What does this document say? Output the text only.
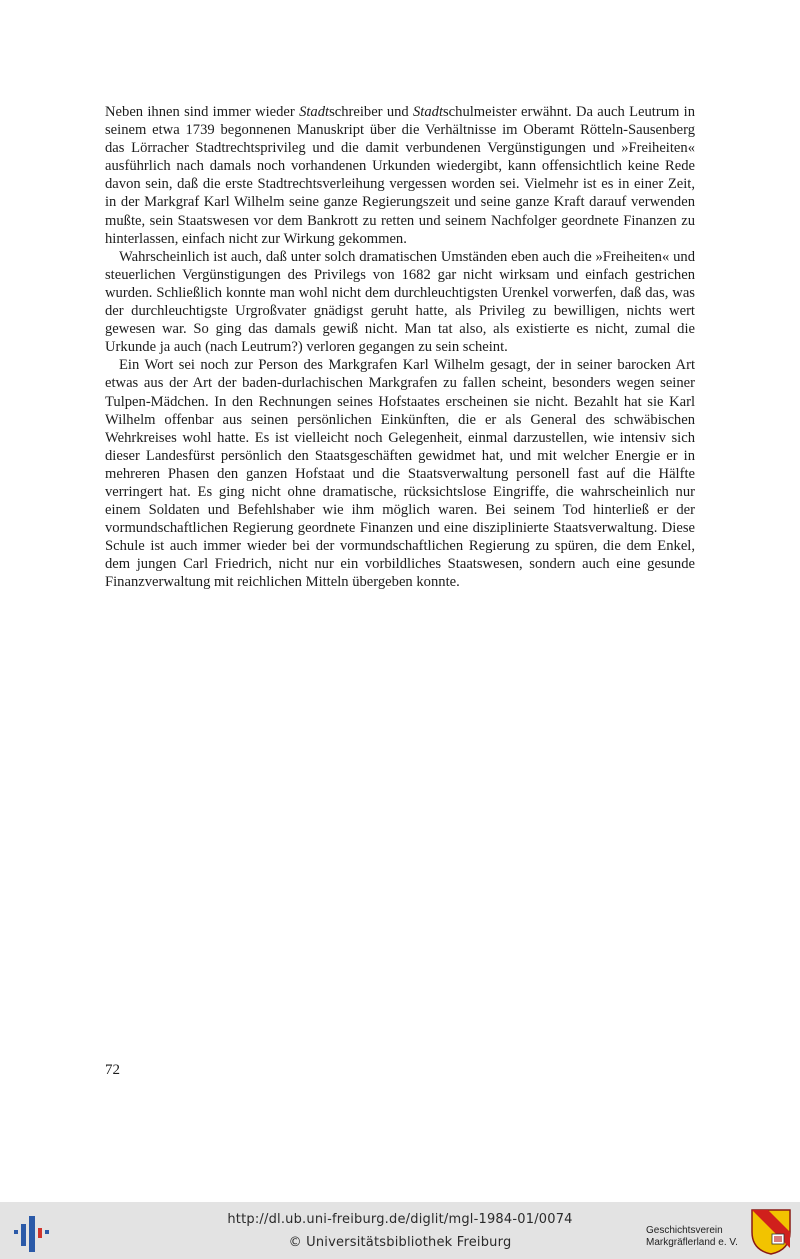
Neben ihnen sind immer wieder Stadtschreiber und Stadtschulmeister erwähnt. Da auch Leutrum in seinem etwa 1739 begonnenen Manuskript über die Verhältnisse im Oberamt Rötteln-Sausenberg das Lörracher Stadtrechtsprivileg und die damit verbundenen Vergünstigungen und »Freiheiten« ausführlich nach damals noch vorhandenen Urkunden wiedergibt, kann offensichtlich keine Rede davon sein, daß die erste Stadtrechtsverleihung vergessen worden sei. Vielmehr ist es in einer Zeit, in der Markgraf Karl Wilhelm seine ganze Regierungszeit und seine ganze Kraft darauf verwenden mußte, sein Staatswesen vor dem Bankrott zu retten und seinem Nachfolger geordnete Finanzen zu hinterlassen, einfach nicht zur Wirkung gekommen.

Wahrscheinlich ist auch, daß unter solch dramatischen Umständen eben auch die »Freiheiten« und steuerlichen Vergünstigungen des Privilegs von 1682 gar nicht wirksam und einfach gestrichen wurden. Schließlich konnte man wohl nicht dem durchleuchtigsten Urenkel vorwerfen, daß das, was der durchleuchtigste Urgroßvater gnädigst geruht hatte, als Privileg zu bewilligen, nichts wert gewesen war. So ging das damals gewiß nicht. Man tat also, als existierte es nicht, zumal die Urkunde ja auch (nach Leutrum?) verloren gegangen zu sein scheint.

Ein Wort sei noch zur Person des Markgrafen Karl Wilhelm gesagt, der in seiner barocken Art etwas aus der Art der baden-durlachischen Markgrafen zu fallen scheint, besonders wegen seiner Tulpen-Mädchen. In den Rechnungen seines Hofstaates erscheinen sie nicht. Bezahlt hat sie Karl Wilhelm offenbar aus seinen persönlichen Einkünften, die er als General des schwäbischen Wehrkreises wohl hatte. Es ist vielleicht noch Gelegenheit, einmal darzustellen, wie intensiv sich dieser Landesfürst persönlich den Staatsgeschäften gewidmet hat, und mit welcher Energie er in mehreren Phasen den ganzen Hofstaat und die Staatsverwaltung personell fast auf die Hälfte verringert hat. Es ging nicht ohne dramatische, rücksichtslose Eingriffe, die wahrscheinlich nur einem Soldaten und Befehlshaber wie ihm möglich waren. Bei seinem Tod hinterließ er der vormundschaftlichen Regierung geordnete Finanzen und eine disziplinierte Staatsverwaltung. Diese Schule ist auch immer wieder bei der vormundschaftlichen Regierung zu spüren, die dem Enkel, dem jungen Carl Friedrich, nicht nur ein vorbildliches Staatswesen, sondern auch eine gesunde Finanzverwaltung mit reichlichen Mitteln übergeben konnte.

72
http://dl.ub.uni-freiburg.de/diglit/mgl-1984-01/0074
© Universitätsbibliothek Freiburg
Geschichtsverein
Markgräflerland e. V.
